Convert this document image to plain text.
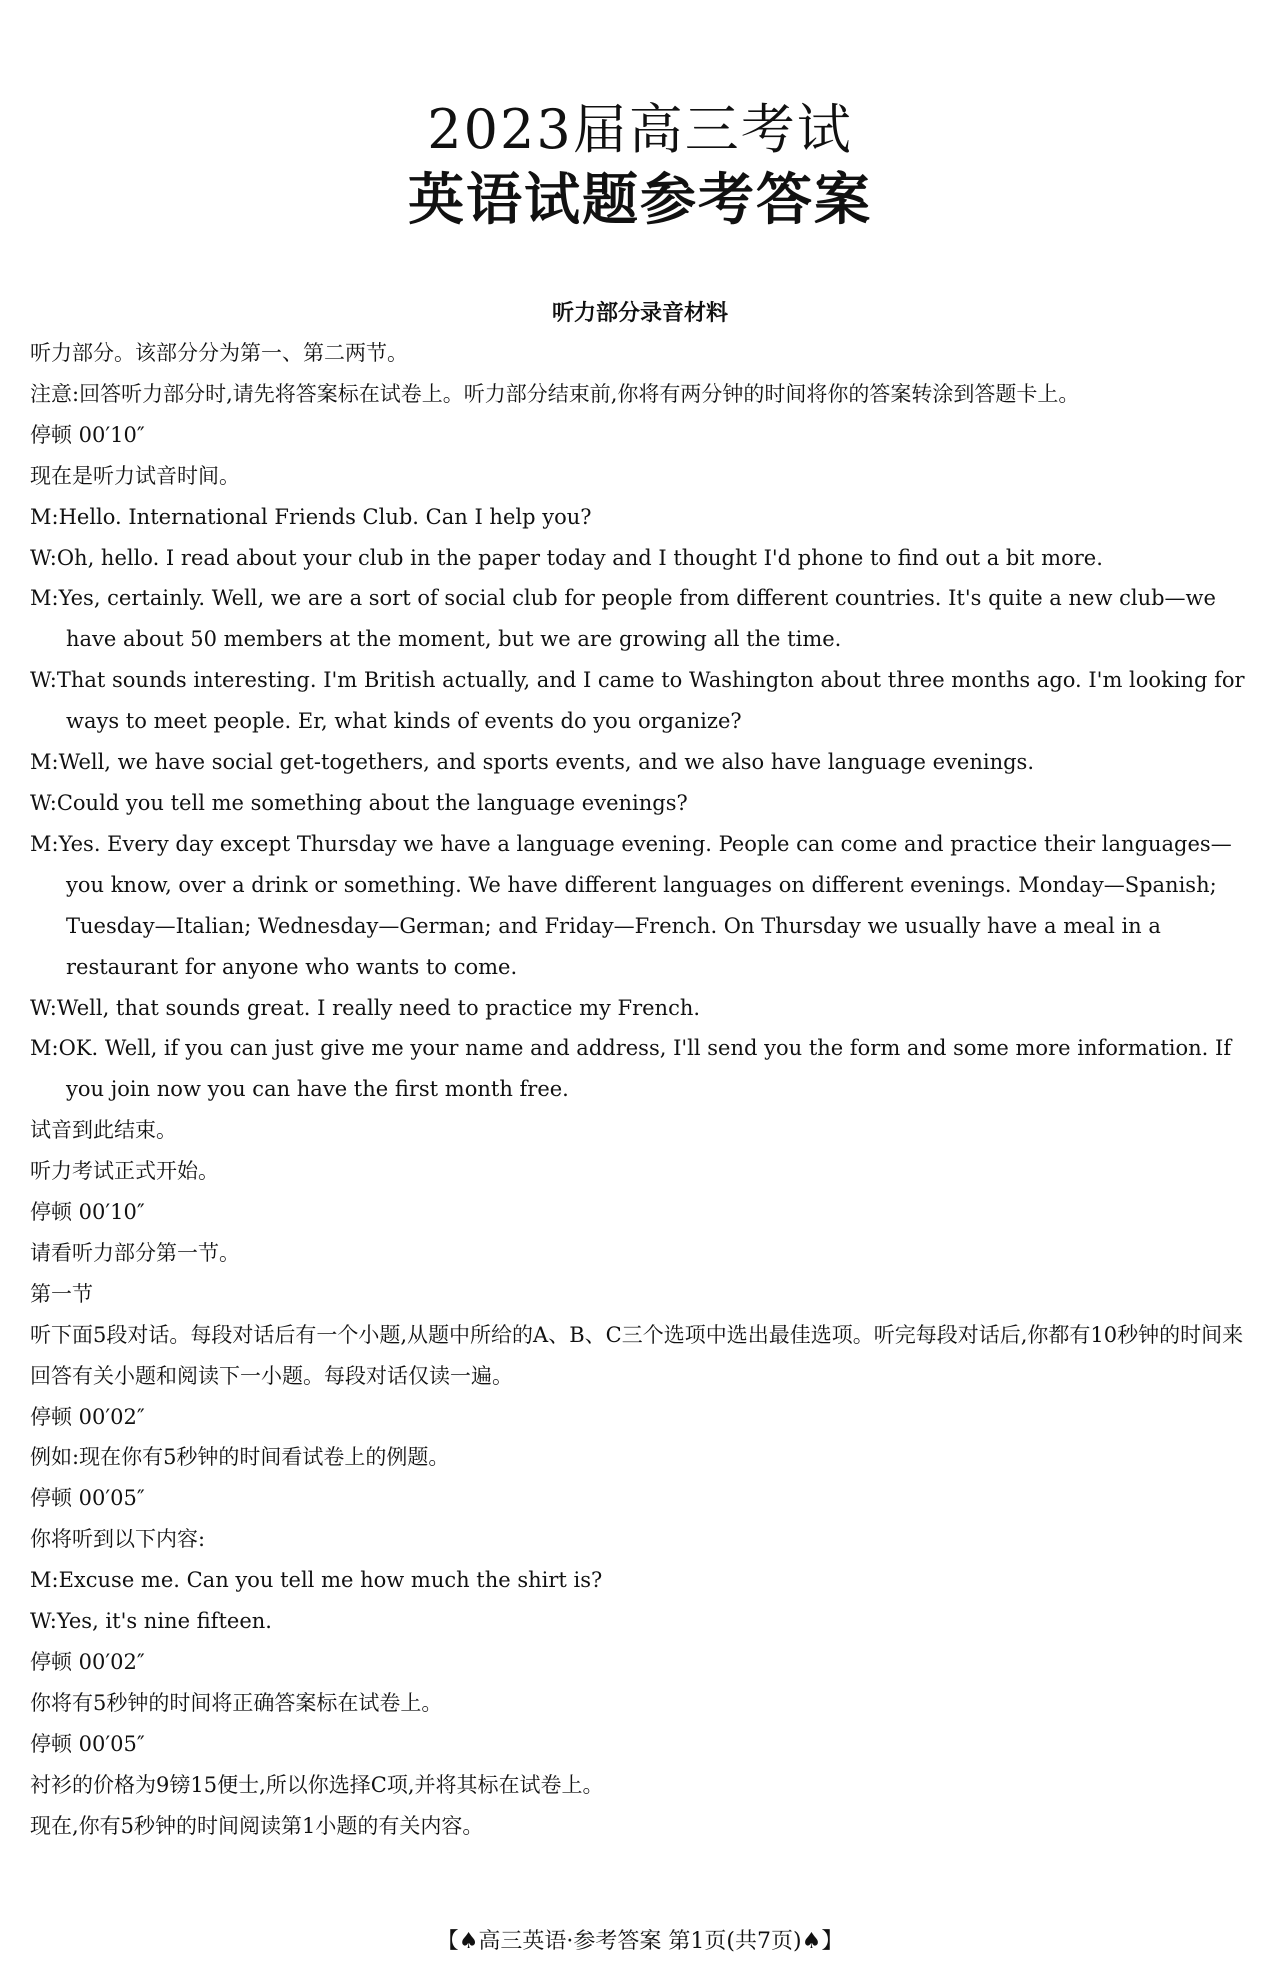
2023届高三考试
英语试题参考答案
听力部分录音材料
听力部分。该部分分为第一、第二两节。
注意:回答听力部分时,请先将答案标在试卷上。听力部分结束前,你将有两分钟的时间将你的答案转涂到答题卡上。
停顿 00′10″
现在是听力试音时间。
M:Hello. International Friends Club. Can I help you?
W:Oh, hello. I read about your club in the paper today and I thought I'd phone to find out a bit more.
M:Yes, certainly. Well, we are a sort of social club for people from different countries. It's quite a new club—we have about 50 members at the moment, but we are growing all the time.
W:That sounds interesting. I'm British actually, and I came to Washington about three months ago. I'm looking for ways to meet people. Er, what kinds of events do you organize?
M:Well, we have social get-togethers, and sports events, and we also have language evenings.
W:Could you tell me something about the language evenings?
M:Yes. Every day except Thursday we have a language evening. People can come and practice their languages—you know, over a drink or something. We have different languages on different evenings. Monday—Spanish; Tuesday—Italian; Wednesday—German; and Friday—French. On Thursday we usually have a meal in a restaurant for anyone who wants to come.
W:Well, that sounds great. I really need to practice my French.
M:OK. Well, if you can just give me your name and address, I'll send you the form and some more information. If you join now you can have the first month free.
试音到此结束。
听力考试正式开始。
停顿 00′10″
请看听力部分第一节。
第一节
听下面5段对话。每段对话后有一个小题,从题中所给的A、B、C三个选项中选出最佳选项。听完每段对话后,你都有10秒钟的时间来回答有关小题和阅读下一小题。每段对话仅读一遍。
停顿 00′02″
例如:现在你有5秒钟的时间看试卷上的例题。
停顿 00′05″
你将听到以下内容:
M:Excuse me. Can you tell me how much the shirt is?
W:Yes, it's nine fifteen.
停顿 00′02″
你将有5秒钟的时间将正确答案标在试卷上。
停顿 00′05″
衬衫的价格为9镑15便士,所以你选择C项,并将其标在试卷上。
现在,你有5秒钟的时间阅读第1小题的有关内容。
【♠高三英语·参考答案 第1页(共7页)♠】
